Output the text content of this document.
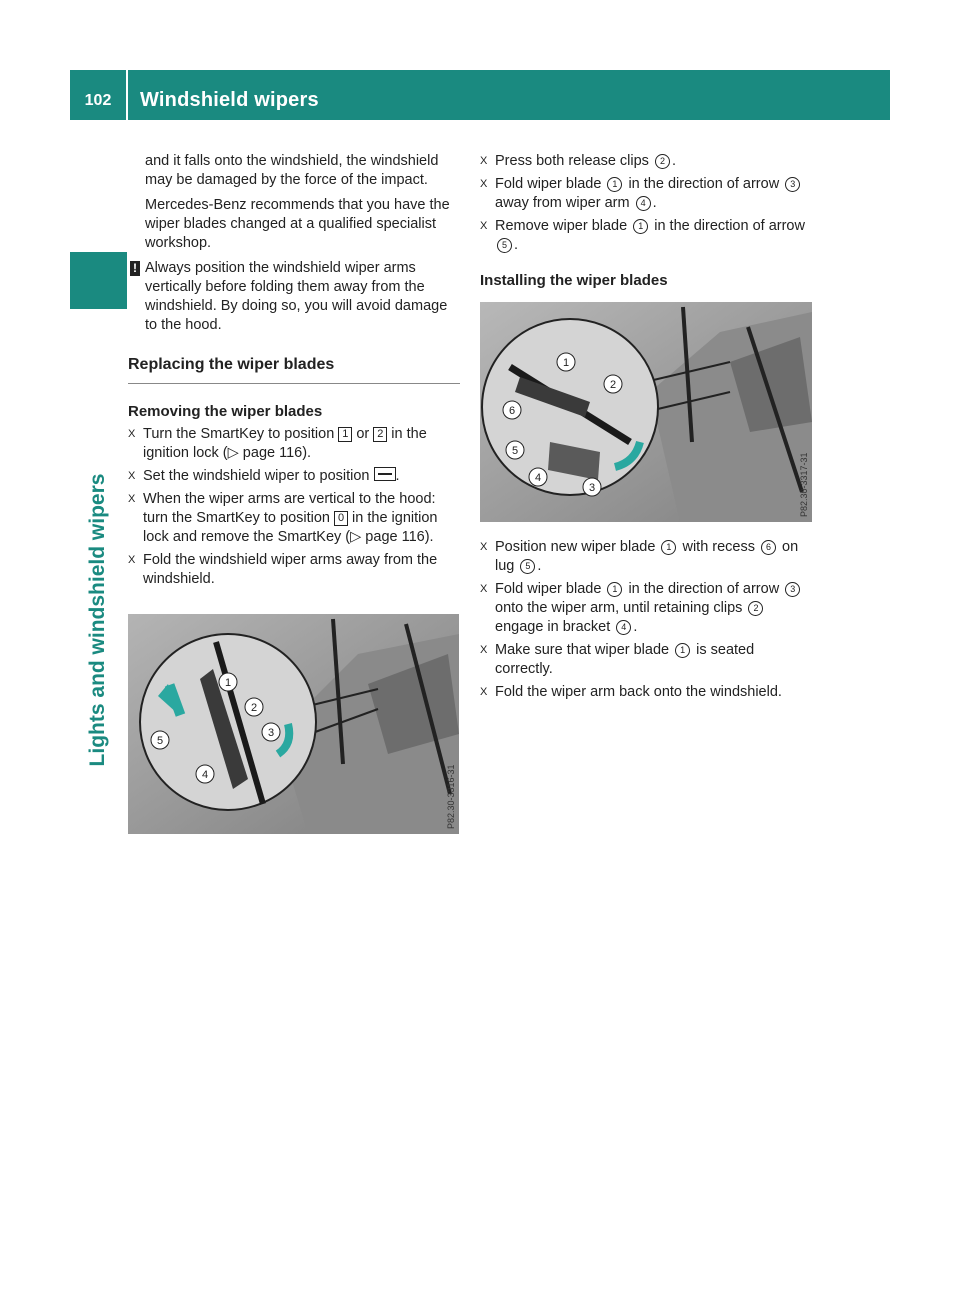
102	Windshield wipers
Lights and windshield wipers

and it falls onto the windshield, the windshield may be damaged by the force of the impact.

Mercedes-Benz recommends that you have the wiper blades changed at a qualified specialist workshop.

! Always position the windshield wiper arms vertically before folding them away from the windshield. By doing so, you will avoid damage to the hood.
Replacing the wiper blades
Removing the wiper blades
X Turn the SmartKey to position 1 or 2 in the ignition lock (▷ page 116).
X Set the windshield wiper to position .
X When the wiper arms are vertical to the hood: turn the SmartKey to position 0 in the ignition lock and remove the SmartKey (▷ page 116).
X Fold the windshield wiper arms away from the windshield.
1
2
3
4
5
P82.30-3316-31
X Press both release clips 2 .
X Fold wiper blade 1 in the direction of arrow 3 away from wiper arm 4 .
X Remove wiper blade 1 in the direction of arrow 5 .
Installing the wiper blades
X Position new wiper blade 1 with recess 6 on lug 5 .
X Fold wiper blade 1 in the direction of arrow 3 onto the wiper arm, until retaining clips 2 engage in bracket 4 .
X Make sure that wiper blade 1 is seated correctly.
X Fold the wiper arm back onto the windshield.
1
2
3
4
5
6
P82.30-3317-31
